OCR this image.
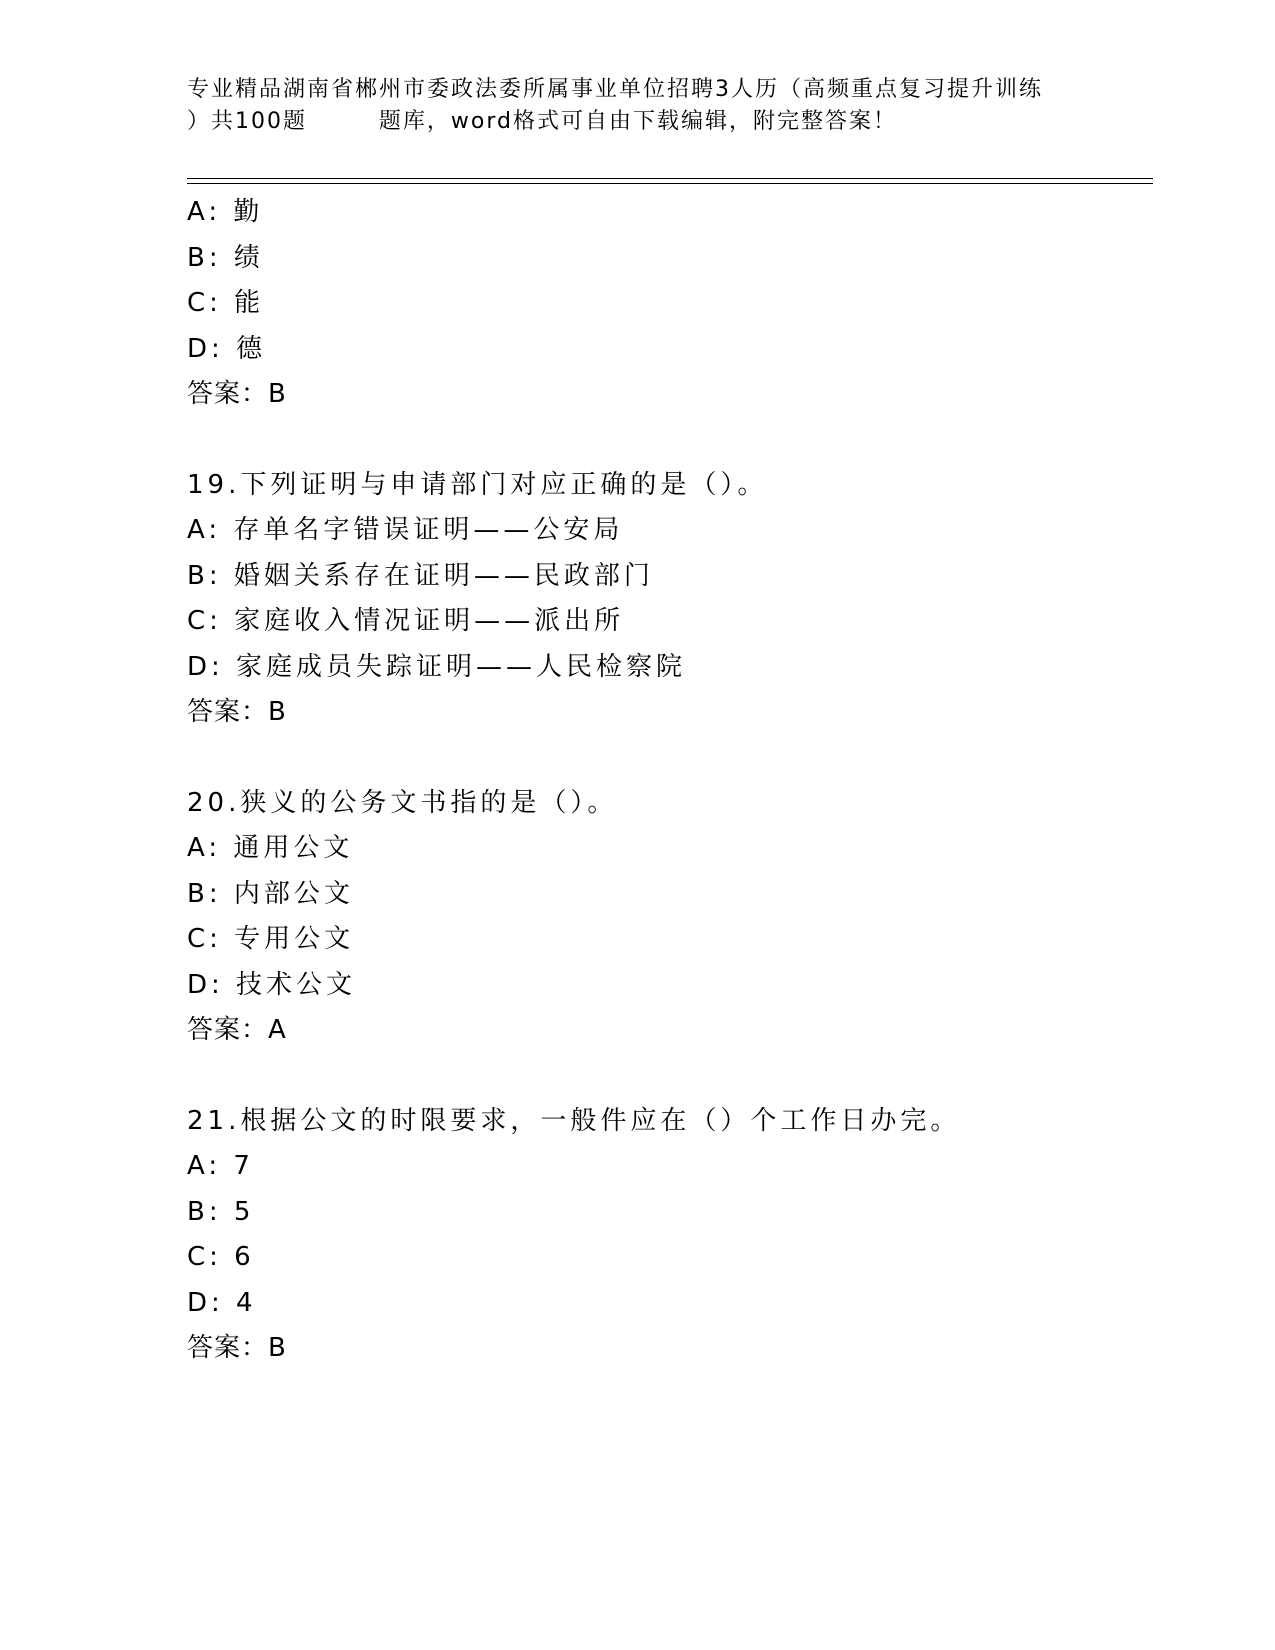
专业精品湖南省郴州市委政法委所属事业单位招聘3人历（高频重点复习提升训练
）共100题        题库，word格式可自由下载编辑，附完整答案！
A: 勤
B: 绩
C: 能
D: 德
答案：B
19.下列证明与申请部门对应正确的是（）。
A: 存单名字错误证明——公安局
B: 婚姻关系存在证明——民政部门
C: 家庭收入情况证明——派出所
D: 家庭成员失踪证明——人民检察院
答案：B
20.狭义的公务文书指的是（）。
A: 通用公文
B: 内部公文
C: 专用公文
D: 技术公文
答案：A
21.根据公文的时限要求，一般件应在（）个工作日办完。
A: 7
B: 5
C: 6
D: 4
答案：B
